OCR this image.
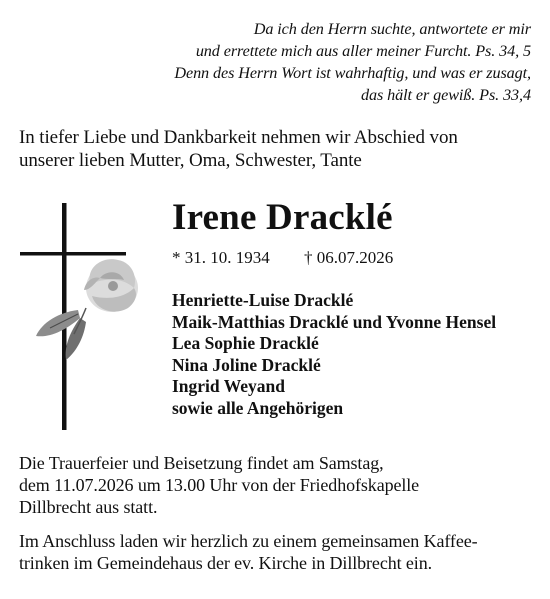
Da ich den Herrn suchte, antwortete er mir
und errettete mich aus aller meiner Furcht. Ps. 34, 5
Denn des Herrn Wort ist wahrhaftig, und was er zusagt,
das hält er gewiß. Ps. 33,4
In tiefer Liebe und Dankbarkeit nehmen wir Abschied von
unserer lieben Mutter, Oma, Schwester, Tante
Irene Dracklé
* 31. 10. 1934 † 06.07.2026
Henriette-Luise Dracklé
Maik-Matthias Dracklé und Yvonne Hensel
Lea Sophie Dracklé
Nina Joline Dracklé
Ingrid Weyand
sowie alle Angehörigen
Die Trauerfeier und Beisetzung findet am Samstag,
dem 11.07.2026 um 13.00 Uhr von der Friedhofskapelle
Dillbrecht aus statt.
Im Anschluss laden wir herzlich zu einem gemeinsamen Kaffee-
trinken im Gemeindehaus der ev. Kirche in Dillbrecht ein.
